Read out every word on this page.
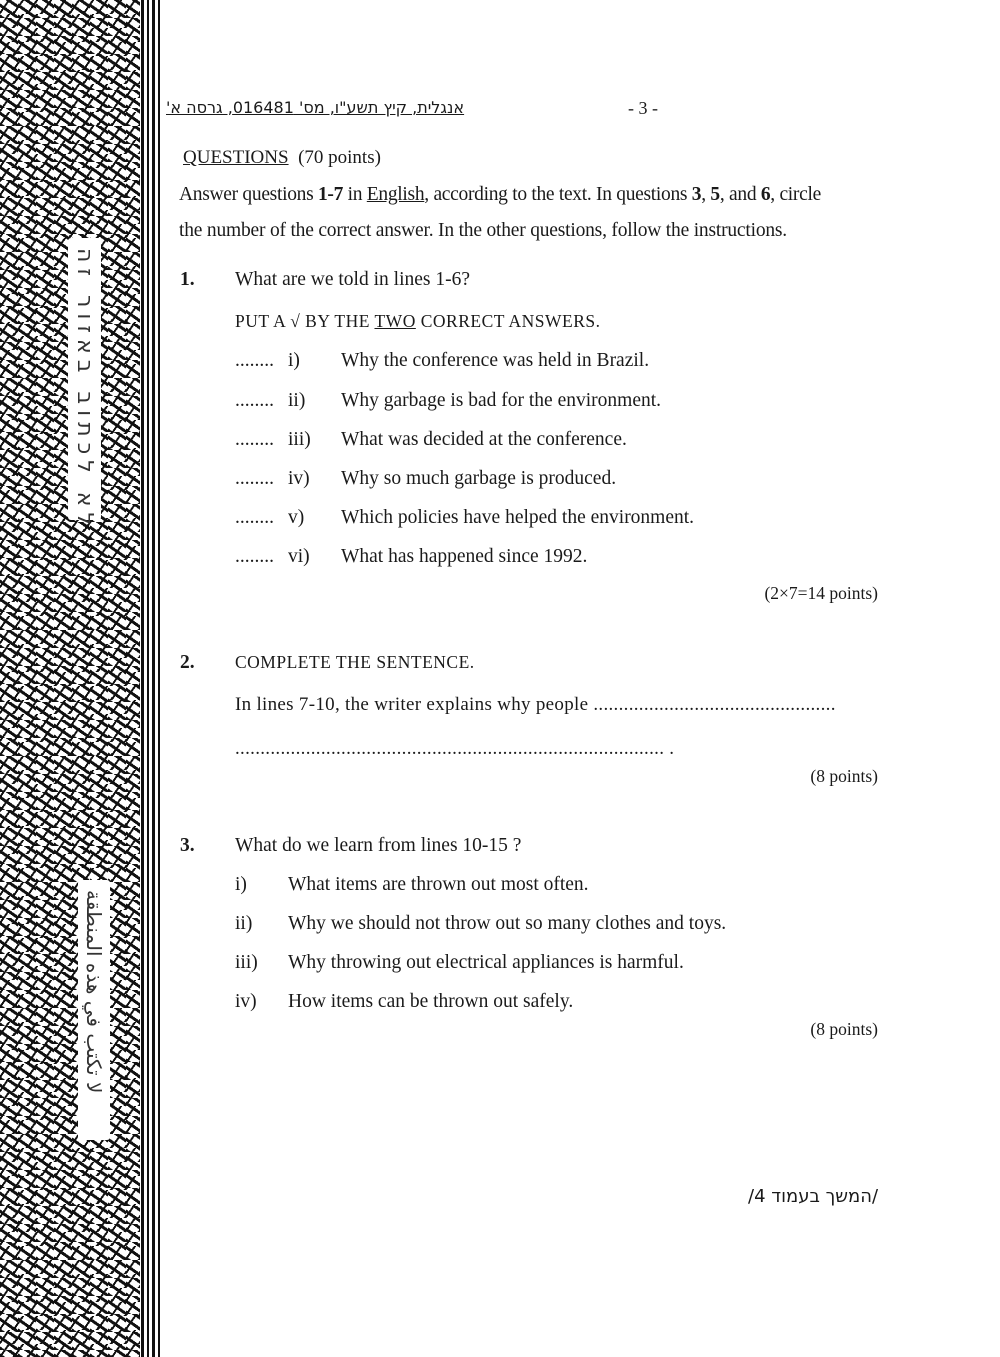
לא לכתוב באזור זה
لا تكتب في هذه المنطقة
אנגלית, קיץ תשע"ו, מס' 016481, גרסה א'	- 3 -
QUESTIONS (70 points)
Answer questions 1-7 in English, according to the text. In questions 3, 5, and 6, circle
the number of the correct answer. In the other questions, follow the instructions.
1. What are we told in lines 1-6?
PUT A √ BY THE TWO CORRECT ANSWERS.
........ i) Why the conference was held in Brazil.
........ ii) Why garbage is bad for the environment.
........ iii) What was decided at the conference.
........ iv) Why so much garbage is produced.
........ v) Which policies have helped the environment.
........ vi) What has happened since 1992.
(2×7=14 points)
2. COMPLETE THE SENTENCE.
In lines 7-10, the writer explains why people ................................................
..................................................................................... .
(8 points)
3. What do we learn from lines 10-15 ?
i) What items are thrown out most often.
ii) Why we should not throw out so many clothes and toys.
iii) Why throwing out electrical appliances is harmful.
iv) How items can be thrown out safely.
(8 points)
/המשך בעמוד 4/
